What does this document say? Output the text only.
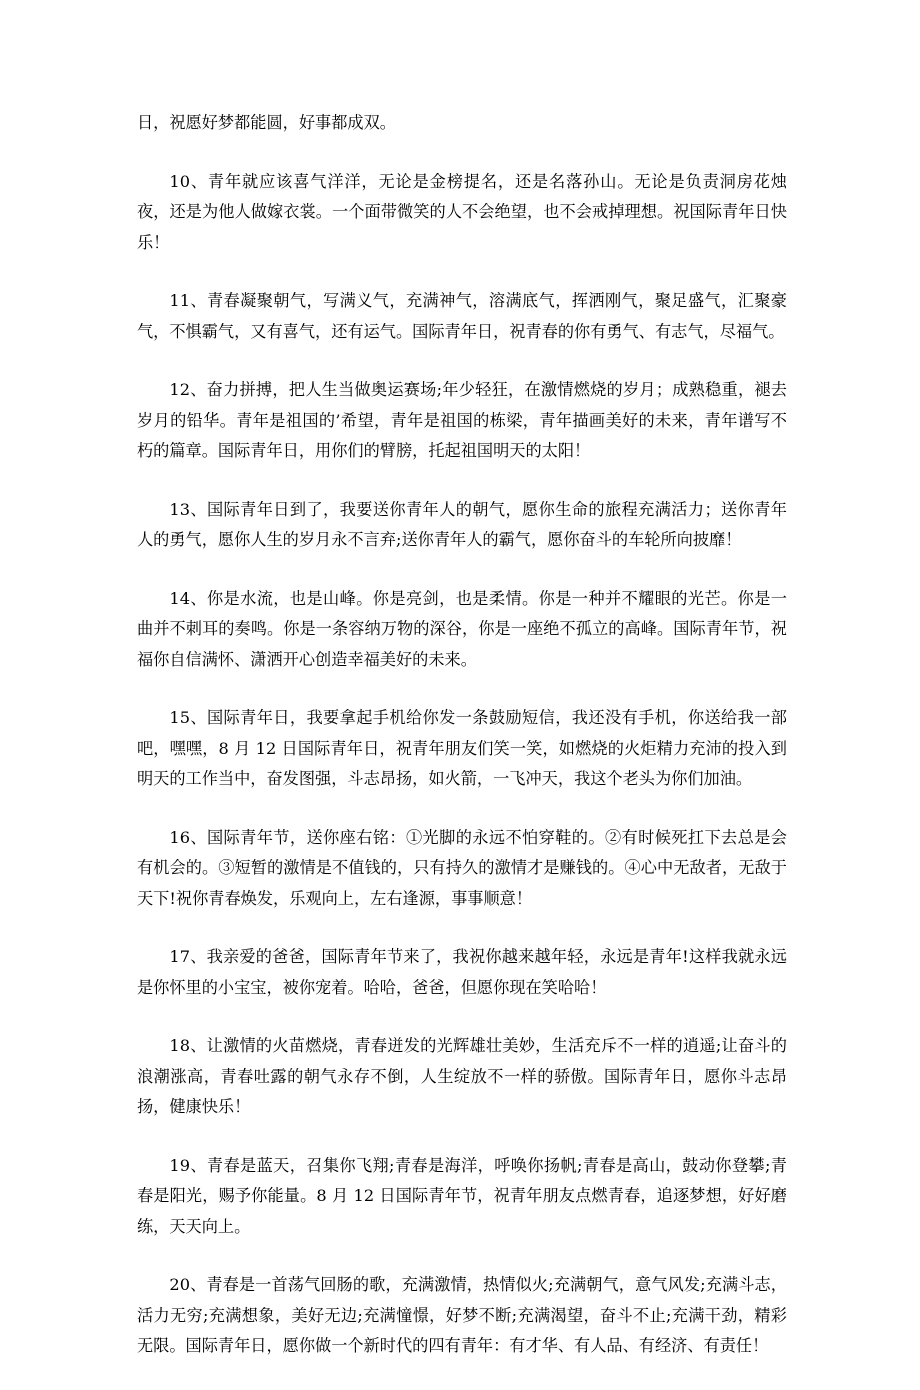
日，祝愿好梦都能圆，好事都成双。

10、青年就应该喜气洋洋，无论是金榜提名，还是名落孙山。无论是负责洞房花烛夜，还是为他人做嫁衣裳。一个面带微笑的人不会绝望，也不会戒掉理想。祝国际青年日快乐！

11、青春凝聚朝气，写满义气，充满神气，溶满底气，挥洒刚气，聚足盛气，汇聚豪气，不惧霸气，又有喜气，还有运气。国际青年日，祝青春的你有勇气、有志气，尽福气。

12、奋力拼搏，把人生当做奥运赛场;年少轻狂，在激情燃烧的岁月；成熟稳重，褪去岁月的铅华。青年是祖国的’希望，青年是祖国的栋梁，青年描画美好的未来，青年谱写不朽的篇章。国际青年日，用你们的臂膀，托起祖国明天的太阳！

13、国际青年日到了，我要送你青年人的朝气，愿你生命的旅程充满活力；送你青年人的勇气，愿你人生的岁月永不言弃;送你青年人的霸气，愿你奋斗的车轮所向披靡！

14、你是水流，也是山峰。你是亮剑，也是柔情。你是一种并不耀眼的光芒。你是一曲并不刺耳的奏鸣。你是一条容纳万物的深谷，你是一座绝不孤立的高峰。国际青年节，祝福你自信满怀、潇洒开心创造幸福美好的未来。

15、国际青年日，我要拿起手机给你发一条鼓励短信，我还没有手机，你送给我一部吧，嘿嘿，8 月 12 日国际青年日，祝青年朋友们笑一笑，如燃烧的火炬精力充沛的投入到明天的工作当中，奋发图强，斗志昂扬，如火箭，一飞冲天，我这个老头为你们加油。

16、国际青年节，送你座右铭：①光脚的永远不怕穿鞋的。②有时候死扛下去总是会有机会的。③短暂的激情是不值钱的，只有持久的激情才是赚钱的。④心中无敌者，无敌于天下!祝你青春焕发，乐观向上，左右逢源，事事顺意！

17、我亲爱的爸爸，国际青年节来了，我祝你越来越年轻，永远是青年!这样我就永远是你怀里的小宝宝，被你宠着。哈哈，爸爸，但愿你现在笑哈哈！

18、让激情的火苗燃烧，青春迸发的光辉雄壮美妙，生活充斥不一样的逍遥;让奋斗的浪潮涨高，青春吐露的朝气永存不倒，人生绽放不一样的骄傲。国际青年日，愿你斗志昂扬，健康快乐！

19、青春是蓝天，召集你飞翔;青春是海洋，呼唤你扬帆;青春是高山，鼓动你登攀;青春是阳光，赐予你能量。8 月 12 日国际青年节，祝青年朋友点燃青春，追逐梦想，好好磨练，天天向上。

20、青春是一首荡气回肠的歌，充满激情，热情似火;充满朝气，意气风发;充满斗志，活力无穷;充满想象，美好无边;充满憧憬，好梦不断;充满渴望，奋斗不止;充满干劲，精彩无限。国际青年日，愿你做一个新时代的四有青年：有才华、有人品、有经济、有责任！
